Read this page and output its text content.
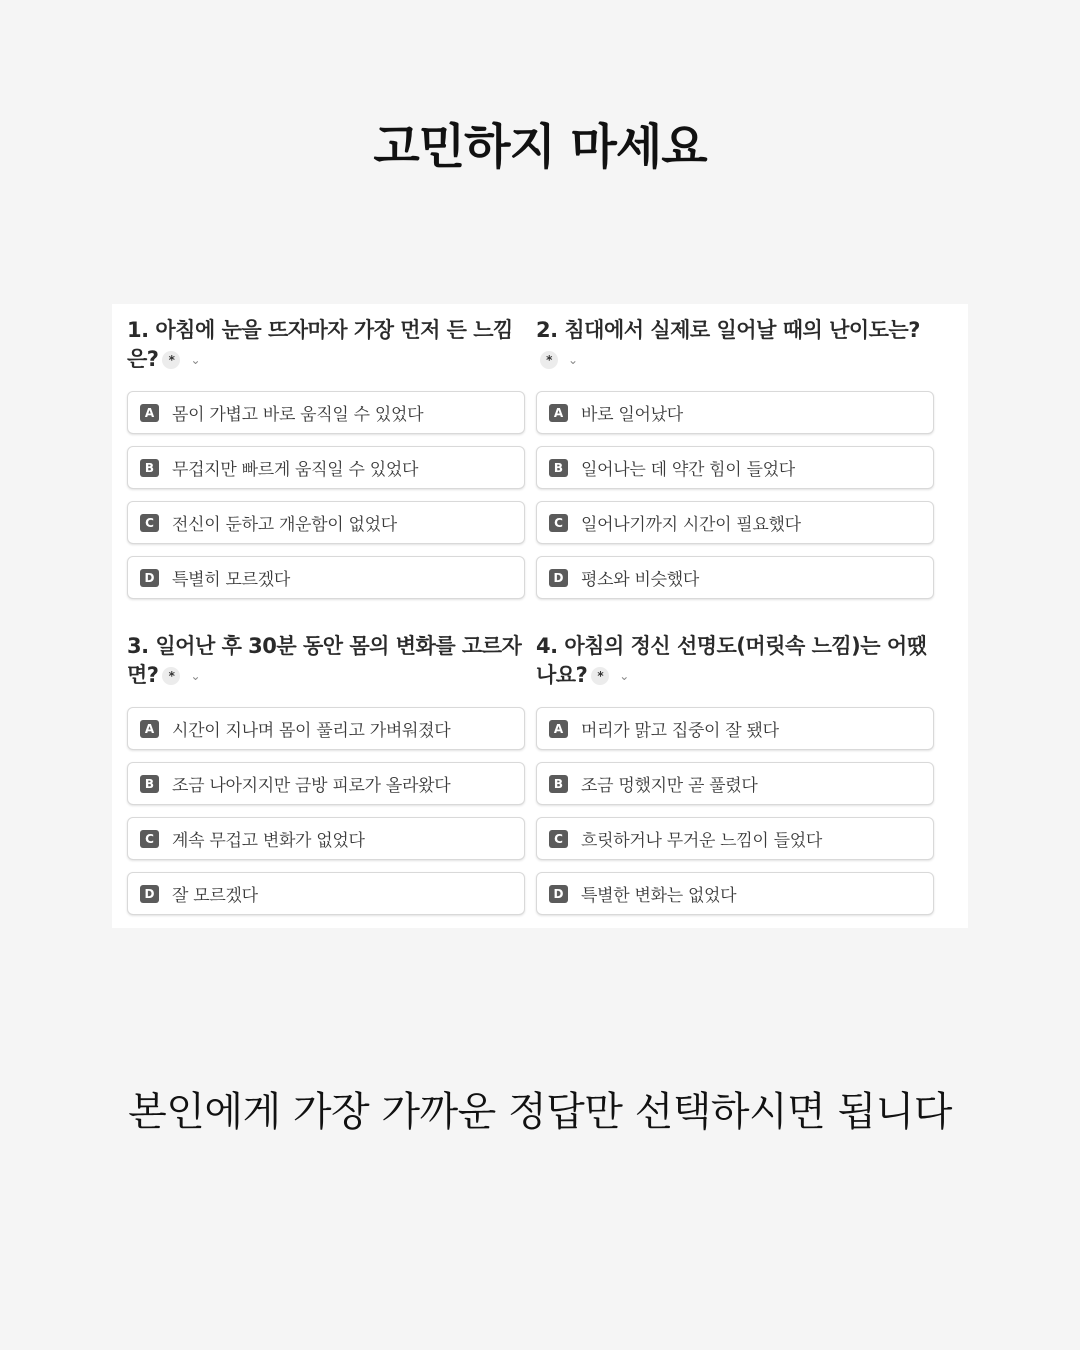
고민하지 마세요
1. 아침에 눈을 뜨자마자 가장 먼저 든 느낌은? * ⌄
A 몸이 가볍고 바로 움직일 수 있었다
B 무겁지만 빠르게 움직일 수 있었다
C 전신이 둔하고 개운함이 없었다
D 특별히 모르겠다
2. 침대에서 실제로 일어날 때의 난이도는?* ⌄
A 바로 일어났다
B 일어나는 데 약간 힘이 들었다
C 일어나기까지 시간이 필요했다
D 평소와 비슷했다
3. 일어난 후 30분 동안 몸의 변화를 고르자면? * ⌄
A 시간이 지나며 몸이 풀리고 가벼워졌다
B 조금 나아지지만 금방 피로가 올라왔다
C 계속 무겁고 변화가 없었다
D 잘 모르겠다
4. 아침의 정신 선명도(머릿속 느낌)는 어땠나요? * ⌄
A 머리가 맑고 집중이 잘 됐다
B 조금 멍했지만 곧 풀렸다
C 흐릿하거나 무거운 느낌이 들었다
D 특별한 변화는 없었다
본인에게 가장 가까운 정답만 선택하시면 됩니다
